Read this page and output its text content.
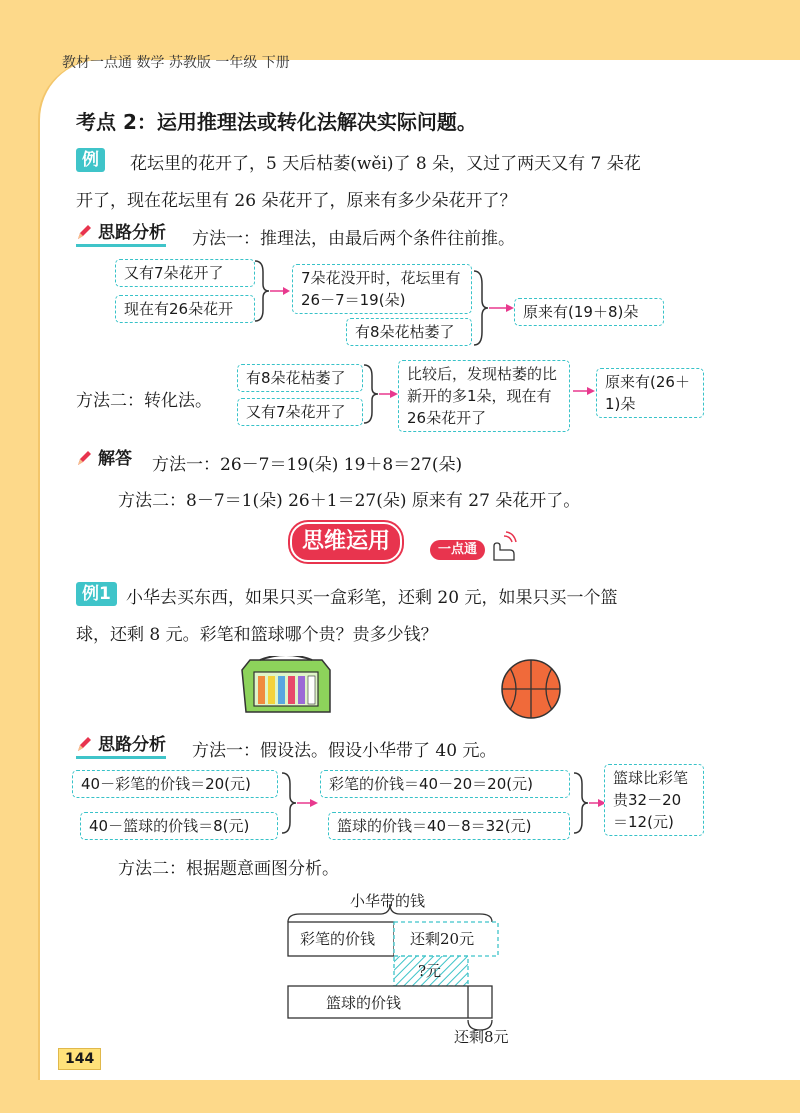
教材一点通 数学 苏教版 一年级 下册
考点 2：运用推理法或转化法解决实际问题。
例	花坛里的花开了，5 天后枯萎(wěi)了 8 朵，又过了两天又有 7 朵花
开了，现在花坛里有 26 朵花开了，原来有多少朵花开了？
思路分析 方法一：推理法，由最后两个条件往前推。
又有7朵花开了
现在有26朵花开
7朵花没开时，花坛里有26－7＝19(朵)
有8朵花枯萎了
原来有(19＋8)朵
方法二：转化法。
有8朵花枯萎了
又有7朵花开了
比较后，发现枯萎的比新开的多1朵，现在有26朵花开了
原来有(26＋1)朵
解答 方法一：26－7＝19(朵) 19＋8＝27(朵)
方法二：8－7＝1(朵) 26＋1＝27(朵) 原来有 27 朵花开了。
思维运用	一点通
例1 小华去买东西，如果只买一盒彩笔，还剩 20 元，如果只买一个篮
球，还剩 8 元。彩笔和篮球哪个贵？贵多少钱？
思路分析 方法一：假设法。假设小华带了 40 元。
40－彩笔的价钱＝20(元)
40－篮球的价钱＝8(元)
彩笔的价钱＝40－20＝20(元)
篮球的价钱＝40－8＝32(元)
篮球比彩笔贵32－20＝12(元)
方法二：根据题意画图分析。
小华带的钱
彩笔的价钱 还剩20元
?元
篮球的价钱
还剩8元
144
